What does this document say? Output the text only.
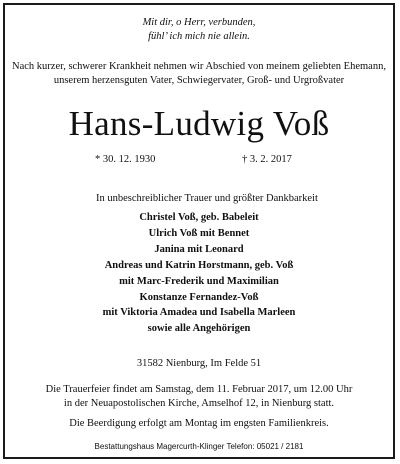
Mit dir, o Herr, verbunden,
fühl’ ich mich nie allein.
Nach kurzer, schwerer Krankheit nehmen wir Abschied von meinem geliebten Ehemann,
unserem herzensguten Vater, Schwiegervater, Groß- und Urgroßvater
Hans-Ludwig Voß
* 30. 12. 1930	† 3. 2. 2017
In unbeschreiblicher Trauer und größter Dankbarkeit
Christel Voß, geb. Babeleit
Ulrich Voß mit Bennet
Janina mit Leonard
Andreas und Katrin Horstmann, geb. Voß
mit Marc-Frederik und Maximilian
Konstanze Fernandez-Voß
mit Viktoria Amadea und Isabella Marleen
sowie alle Angehörigen
31582 Nienburg, Im Felde 51
Die Trauerfeier findet am Samstag, dem 11. Februar 2017, um 12.00 Uhr
in der Neuapostolischen Kirche, Amselhof 12, in Nienburg statt.
Die Beerdigung erfolgt am Montag im engsten Familienkreis.
Bestattungshaus Magercurth-Klinger Telefon: 05021 / 2181
